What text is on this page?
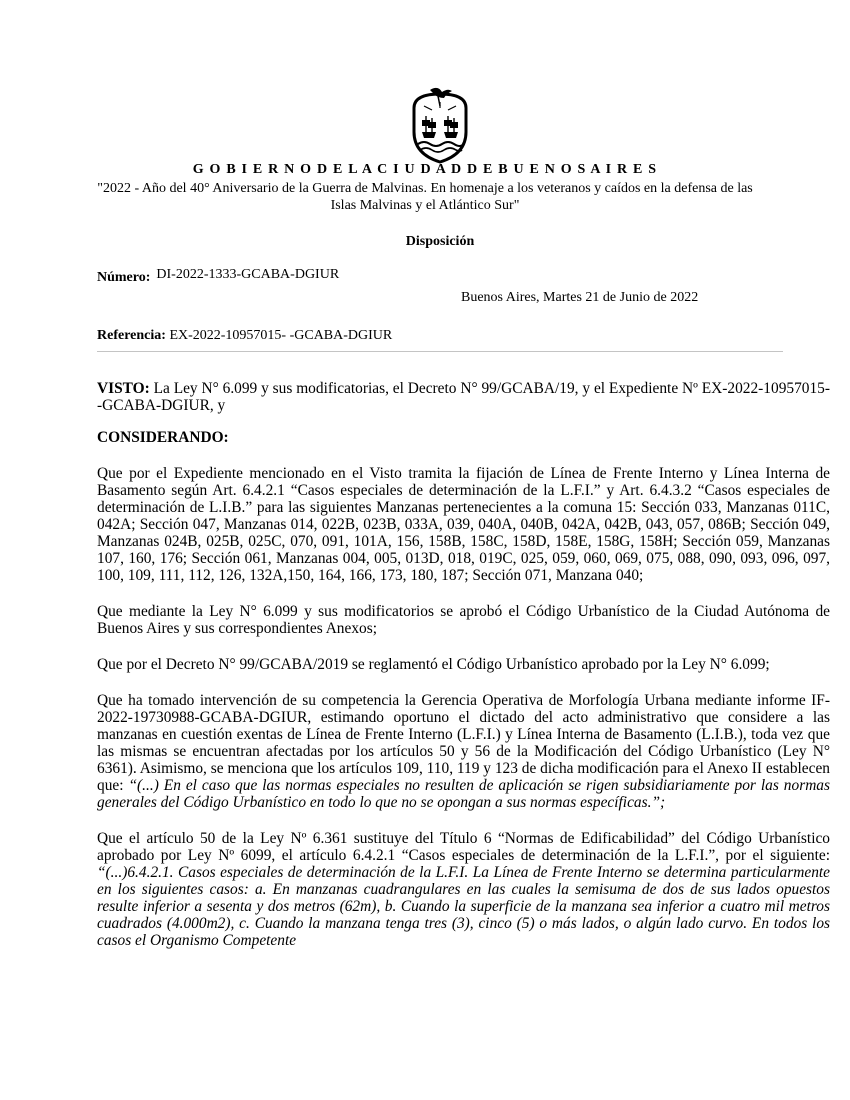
G O B I E R N O D E L A C I U D A D D E B U E N O S A I R E S
"2022 - Año del 40° Aniversario de la Guerra de Malvinas. En homenaje a los veteranos y caídos en la defensa de las Islas Malvinas y el Atlántico Sur"
Disposición
Número: DI-2022-1333-GCABA-DGIUR
Buenos Aires, Martes 21 de Junio de 2022
Referencia: EX-2022-10957015- -GCABA-DGIUR

VISTO: La Ley N° 6.099 y sus modificatorias, el Decreto N° 99/GCABA/19, y el Expediente Nº EX-2022-10957015- -GCABA-DGIUR, y

CONSIDERANDO:

Que por el Expediente mencionado en el Visto tramita la fijación de Línea de Frente Interno y Línea Interna de Basamento según Art. 6.4.2.1 “Casos especiales de determinación de la L.F.I.” y Art. 6.4.3.2 “Casos especiales de determinación de L.I.B.” para las siguientes Manzanas pertenecientes a la comuna 15: Sección 033, Manzanas 011C, 042A; Sección 047, Manzanas 014, 022B, 023B, 033A, 039, 040A, 040B, 042A, 042B, 043, 057, 086B; Sección 049, Manzanas 024B, 025B, 025C, 070, 091, 101A, 156, 158B, 158C, 158D, 158E, 158G, 158H; Sección 059, Manzanas 107, 160, 176; Sección 061, Manzanas 004, 005, 013D, 018, 019C, 025, 059, 060, 069, 075, 088, 090, 093, 096, 097, 100, 109, 111, 112, 126, 132A,150, 164, 166, 173, 180, 187; Sección 071, Manzana 040;

Que mediante la Ley N° 6.099 y sus modificatorios se aprobó el Código Urbanístico de la Ciudad Autónoma de Buenos Aires y sus correspondientes Anexos;

Que por el Decreto N° 99/GCABA/2019 se reglamentó el Código Urbanístico aprobado por la Ley N° 6.099;

Que ha tomado intervención de su competencia la Gerencia Operativa de Morfología Urbana mediante informe IF-2022-19730988-GCABA-DGIUR, estimando oportuno el dictado del acto administrativo que considere a las manzanas en cuestión exentas de Línea de Frente Interno (L.F.I.) y Línea Interna de Basamento (L.I.B.), toda vez que las mismas se encuentran afectadas por los artículos 50 y 56 de la Modificación del Código Urbanístico (Ley N° 6361). Asimismo, se menciona que los artículos 109, 110, 119 y 123 de dicha modificación para el Anexo II establecen que: “(...) En el caso que las normas especiales no resulten de aplicación se rigen subsidiariamente por las normas generales del Código Urbanístico en todo lo que no se opongan a sus normas específicas.”;

Que el artículo 50 de la Ley Nº 6.361 sustituye del Título 6 “Normas de Edificabilidad” del Código Urbanístico aprobado por Ley Nº 6099, el artículo 6.4.2.1 “Casos especiales de determinación de la L.F.I.”, por el siguiente: “(...)6.4.2.1. Casos especiales de determinación de la L.F.I. La Línea de Frente Interno se determina particularmente en los siguientes casos: a. En manzanas cuadrangulares en las cuales la semisuma de dos de sus lados opuestos resulte inferior a sesenta y dos metros (62m), b. Cuando la superficie de la manzana sea inferior a cuatro mil metros cuadrados (4.000m2), c. Cuando la manzana tenga tres (3), cinco (5) o más lados, o algún lado curvo. En todos los casos el Organismo Competente
